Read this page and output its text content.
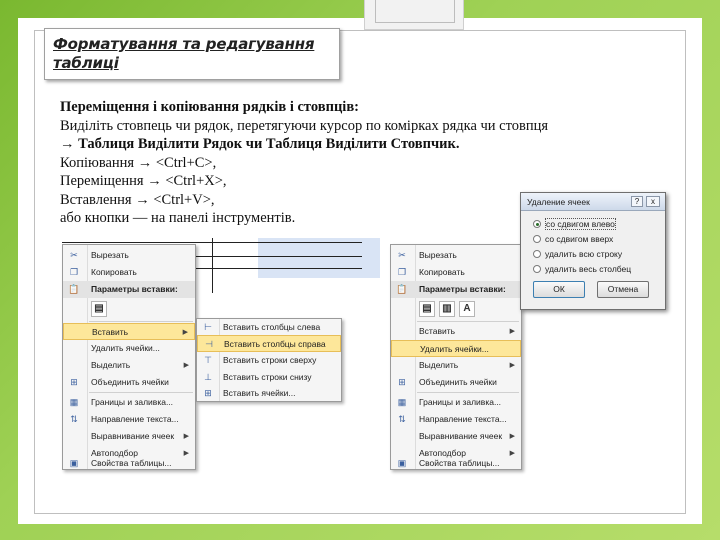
Форматування та редагування
таблиці
Переміщення і копіювання рядків і стовпців:
Виділіть стовпець чи рядок, перетягуючи курсор по комірках рядка чи стовпця
→ Таблиця Виділити Рядок чи Таблиця Виділити Стовпчик.
Копіювання → <Ctrl+C>,
Переміщення → <Ctrl+X>,
Вставлення → <Ctrl+V>,
або кнопки — на панелі інструментів.
✂ Вырезать
❐ Копировать
📋 Параметры вставки:
▤
Вставить	▶
Удалить ячейки...
Выделить	▶
⊞ Объединить ячейки
▦ Границы и заливка...
⇅ Направление текста...
Выравнивание ячеек ▶
Автоподбор	▶
▣ Свойства таблицы...
⊢ Вставить столбцы слева
⊣ Вставить столбцы справа
⊤ Вставить строки сверху
⊥ Вставить строки снизу
⊞ Вставить ячейки...
✂ Вырезать
❐ Копировать
📋 Параметры вставки:
▤	▥	A
Вставить	▶
Удалить ячейки...
Выделить	▶
⊞ Объединить ячейки
▦ Границы и заливка...
⇅ Направление текста...
Выравнивание ячеек ▶
Автоподбор	▶
▣ Свойства таблицы...
Удаление ячеек	?	x
со сдвигом влево
со сдвигом вверх
удалить всю строку
удалить весь столбец
ОК	Отмена
